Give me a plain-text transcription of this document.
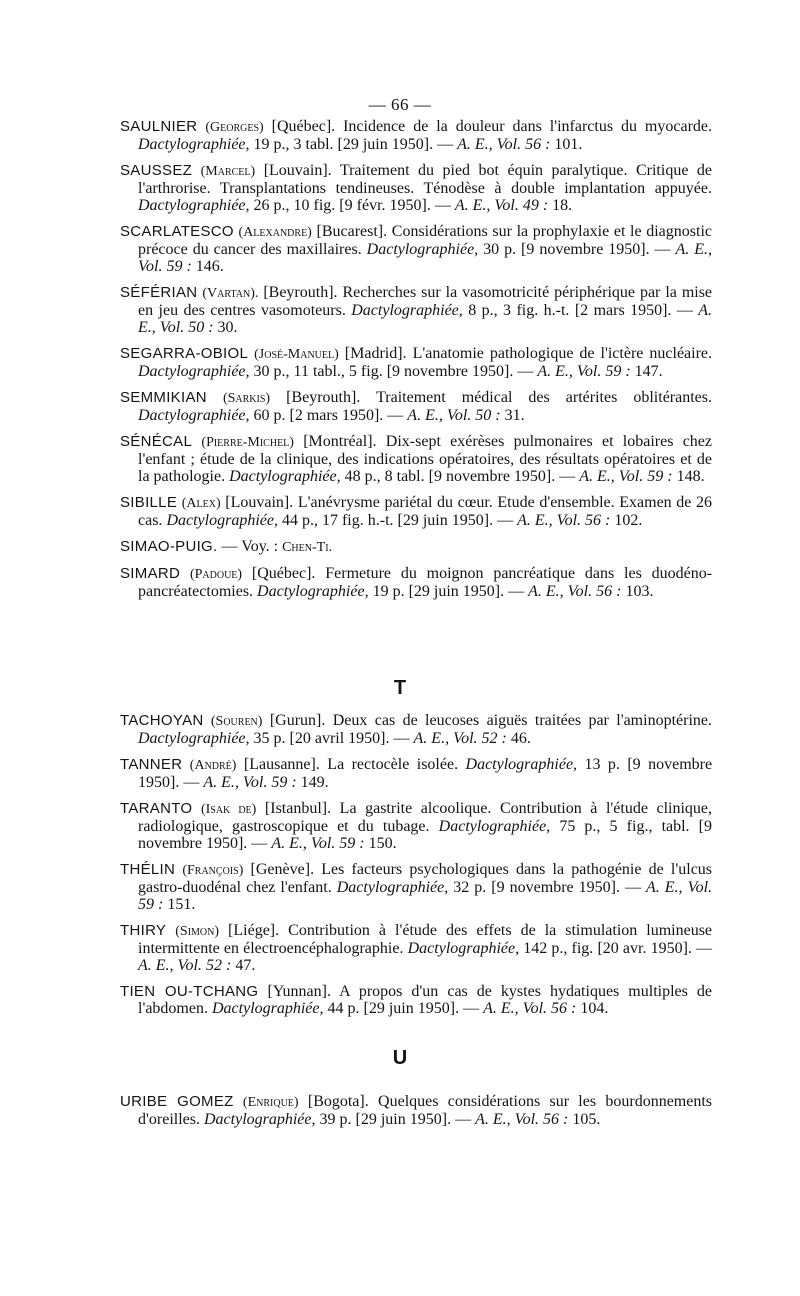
— 66 —

SAULNIER (Georges) [Québec]. Incidence de la douleur dans l'infarctus du myocarde. Dactylographiée, 19 p., 3 tabl. [29 juin 1950]. — A. E., Vol. 56 : 101.

SAUSSEZ (Marcel) [Louvain]. Traitement du pied bot équin paralytique. Critique de l'arthrorise. Transplantations tendineuses. Ténodèse à double implantation appuyée. Dactylographiée, 26 p., 10 fig. [9 févr. 1950]. — A. E., Vol. 49 : 18.

SCARLATESCO (Alexandre) [Bucarest]. Considérations sur la prophylaxie et le diagnostic précoce du cancer des maxillaires. Dactylographiée, 30 p. [9 novembre 1950]. — A. E., Vol. 59 : 146.

SÉFÉRIAN (Vartan). [Beyrouth]. Recherches sur la vasomotricité périphérique par la mise en jeu des centres vasomoteurs. Dactylographiée, 8 p., 3 fig. h.-t. [2 mars 1950]. — A. E., Vol. 50 : 30.

SEGARRA-OBIOL (José-Manuel) [Madrid]. L'anatomie pathologique de l'ictère nucléaire. Dactylographiée, 30 p., 11 tabl., 5 fig. [9 novembre 1950]. — A. E., Vol. 59 : 147.

SEMMIKIAN (Sarkis) [Beyrouth]. Traitement médical des artérites oblitérantes. Dactylographiée, 60 p. [2 mars 1950]. — A. E., Vol. 50 : 31.

SÉNÉCAL (Pierre-Michel) [Montréal]. Dix-sept exérèses pulmonaires et lobaires chez l'enfant ; étude de la clinique, des indications opératoires, des résultats opératoires et de la pathologie. Dactylographiée, 48 p., 8 tabl. [9 novembre 1950]. — A. E., Vol. 59 : 148.

SIBILLE (Alex) [Louvain]. L'anévrysme pariétal du cœur. Etude d'ensemble. Examen de 26 cas. Dactylographiée, 44 p., 17 fig. h.-t. [29 juin 1950]. — A. E., Vol. 56 : 102.

SIMAO-PUIG. — Voy. : Chen-Ti.

SIMARD (Padoue) [Québec]. Fermeture du moignon pancréatique dans les duodéno-pancréatectomies. Dactylographiée, 19 p. [29 juin 1950]. — A. E., Vol. 56 : 103.

T

TACHOYAN (Souren) [Gurun]. Deux cas de leucoses aiguës traitées par l'aminoptérine. Dactylographiée, 35 p. [20 avril 1950]. — A. E., Vol. 52 : 46.

TANNER (André) [Lausanne]. La rectocèle isolée. Dactylographiée, 13 p. [9 novembre 1950]. — A. E., Vol. 59 : 149.

TARANTO (Isak de) [Istanbul]. La gastrite alcoolique. Contribution à l'étude clinique, radiologique, gastroscopique et du tubage. Dactylographiée, 75 p., 5 fig., tabl. [9 novembre 1950]. — A. E., Vol. 59 : 150.

THÉLIN (François) [Genève]. Les facteurs psychologiques dans la pathogénie de l'ulcus gastro-duodénal chez l'enfant. Dactylographiée, 32 p. [9 novembre 1950]. — A. E., Vol. 59 : 151.

THIRY (Simon) [Liége]. Contribution à l'étude des effets de la stimulation lumineuse intermittente en électroencéphalographie. Dactylographiée, 142 p., fig. [20 avr. 1950]. — A. E., Vol. 52 : 47.

TIEN OU-TCHANG [Yunnan]. A propos d'un cas de kystes hydatiques multiples de l'abdomen. Dactylographiée, 44 p. [29 juin 1950]. — A. E., Vol. 56 : 104.

U

URIBE GOMEZ (Enrique) [Bogota]. Quelques considérations sur les bourdonnements d'oreilles. Dactylographiée, 39 p. [29 juin 1950]. — A. E., Vol. 56 : 105.
